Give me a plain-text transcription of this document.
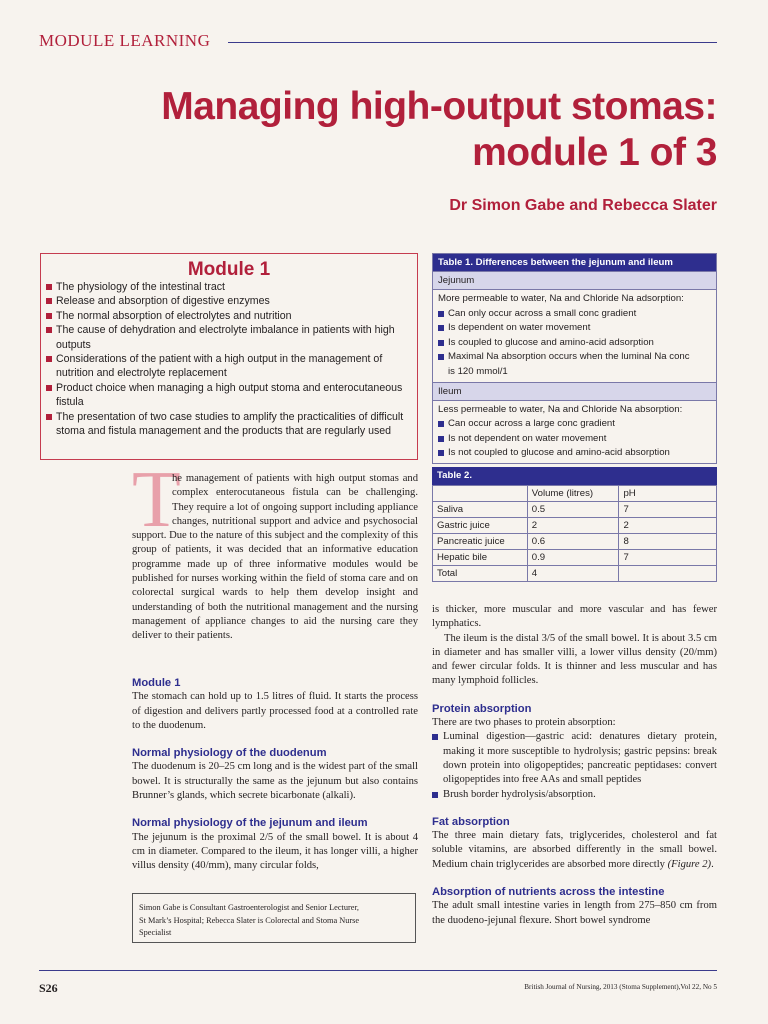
MODULE LEARNING
Managing high-output stomas:
module 1 of 3
Dr Simon Gabe and Rebecca Slater
Module 1
The physiology of the intestinal tract
Release and absorption of digestive enzymes
The normal absorption of electrolytes and nutrition
The cause of dehydration and electrolyte imbalance in patients with high outputs
Considerations of the patient with a high output in the management of nutrition and electrolyte replacement
Product choice when managing a high output stoma and enterocutaneous fistula
The presentation of two case studies to amplify the practicalities of difficult stoma and fistula management and the products that are regularly used
T

he management of patients with high output stomas and complex enterocutaneous fistula can be challenging. They require a lot of ongoing support including appliance changes, nutritional support and advice and psychosocial support. Due to the nature of this subject and the complexity of this group of patients, it was decided that an informative education programme made up of three informative modules would be published for nurses working within the field of stoma care and on colorectal surgical wards to help them develop insight and understanding of both the nutritional management and the nursing management of appliance changes to aid the nursing care they deliver to their patients.

Module 1

The stomach can hold up to 1.5 litres of fluid. It starts the process of digestion and delivers partly processed food at a controlled rate to the duodenum.

Normal physiology of the duodenum

The duodenum is 20–25 cm long and is the widest part of the small bowel. It is structurally the same as the jejunum but also contains Brunner’s glands, which secrete bicarbonate (alkali).

Normal physiology of the jejunum and ileum

The jejunum is the proximal 2/5 of the small bowel. It is about 4 cm in diameter. Compared to the ileum, it has longer villi, a higher villus density (40/mm), many circular folds,

Simon Gabe is Consultant Gastroenterologist and Senior Lecturer,
St Mark’s Hospital; Rebecca Slater is Colorectal and Stoma Nurse
Specialist
Table 1. Differences between the jejunum and ileum
Jejunum
More permeable to water, Na and Chloride Na adsorption:
Can only occur across a small conc gradient
Is dependent on water movement
Is coupled to glucose and amino-acid adsorption
Maximal Na absorption occurs when the luminal Na conc
is 120 mmol/1
Ileum
Less permeable to water, Na and Chloride Na absorption:
Can occur across a large conc gradient
Is not dependent on water movement
Is not coupled to glucose and amino-acid absorption
Table 2.
	Volume (litres)	pH
Saliva	0.5	7
Gastric juice	2	2
Pancreatic juice	0.6	8
Hepatic bile	0.9	7
Total	4	

is thicker, more muscular and more vascular and has fewer lymphatics.

The ileum is the distal 3/5 of the small bowel. It is about 3.5 cm in diameter and has smaller villi, a lower villus density (20/mm) and fewer circular folds. It is thinner and less muscular and has many lymphoid follicles.

Protein absorption

There are two phases to protein absorption:

Luminal digestion—gastric acid: denatures dietary protein, making it more susceptible to hydrolysis; gastric pepsins: break down protein into oligopeptides; pancreatic peptidases: convert oligopeptides into free AAs and small peptides
Brush border hydrolysis/absorption.

Fat absorption

The three main dietary fats, triglycerides, cholesterol and fat soluble vitamins, are absorbed differently in the small bowel. Medium chain triglycerides are absorbed more directly (Figure 2).

Absorption of nutrients across the intestine

The adult small intestine varies in length from 275–850 cm from the duodeno-jejunal flexure. Short bowel syndrome

S26	British Journal of Nursing, 2013 (Stoma Supplement),Vol 22, No 5
